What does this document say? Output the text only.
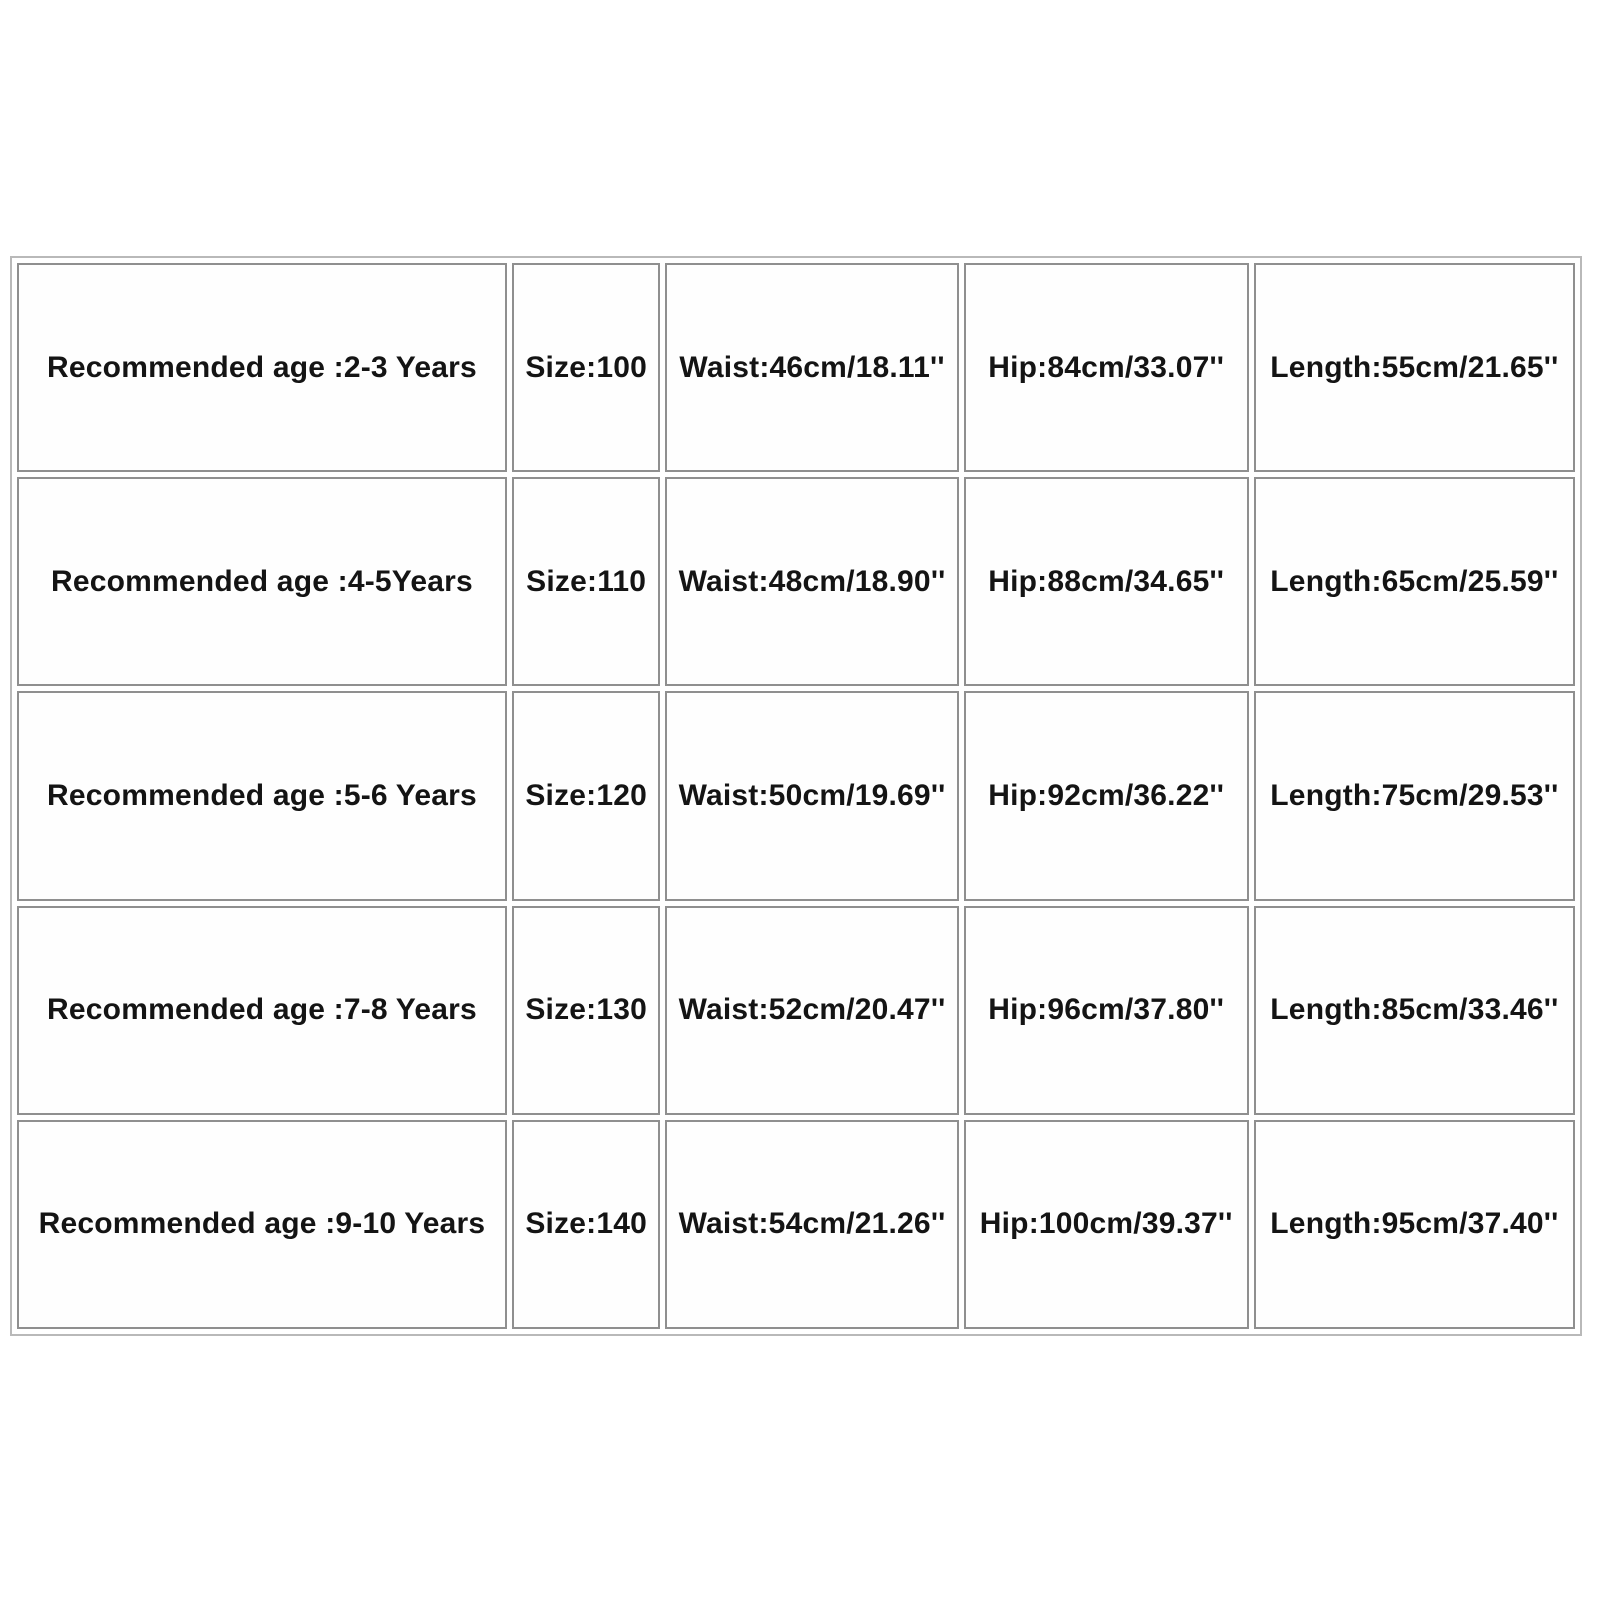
Recommended age :2-3 Years	Size:100	Waist:46cm/18.11''	Hip:84cm/33.07''	Length:55cm/21.65''
Recommended age :4-5Years	Size:110	Waist:48cm/18.90''	Hip:88cm/34.65''	Length:65cm/25.59''
Recommended age :5-6 Years	Size:120	Waist:50cm/19.69''	Hip:92cm/36.22''	Length:75cm/29.53''
Recommended age :7-8 Years	Size:130	Waist:52cm/20.47''	Hip:96cm/37.80''	Length:85cm/33.46''
Recommended age :9-10 Years	Size:140	Waist:54cm/21.26''	Hip:100cm/39.37''	Length:95cm/37.40''
